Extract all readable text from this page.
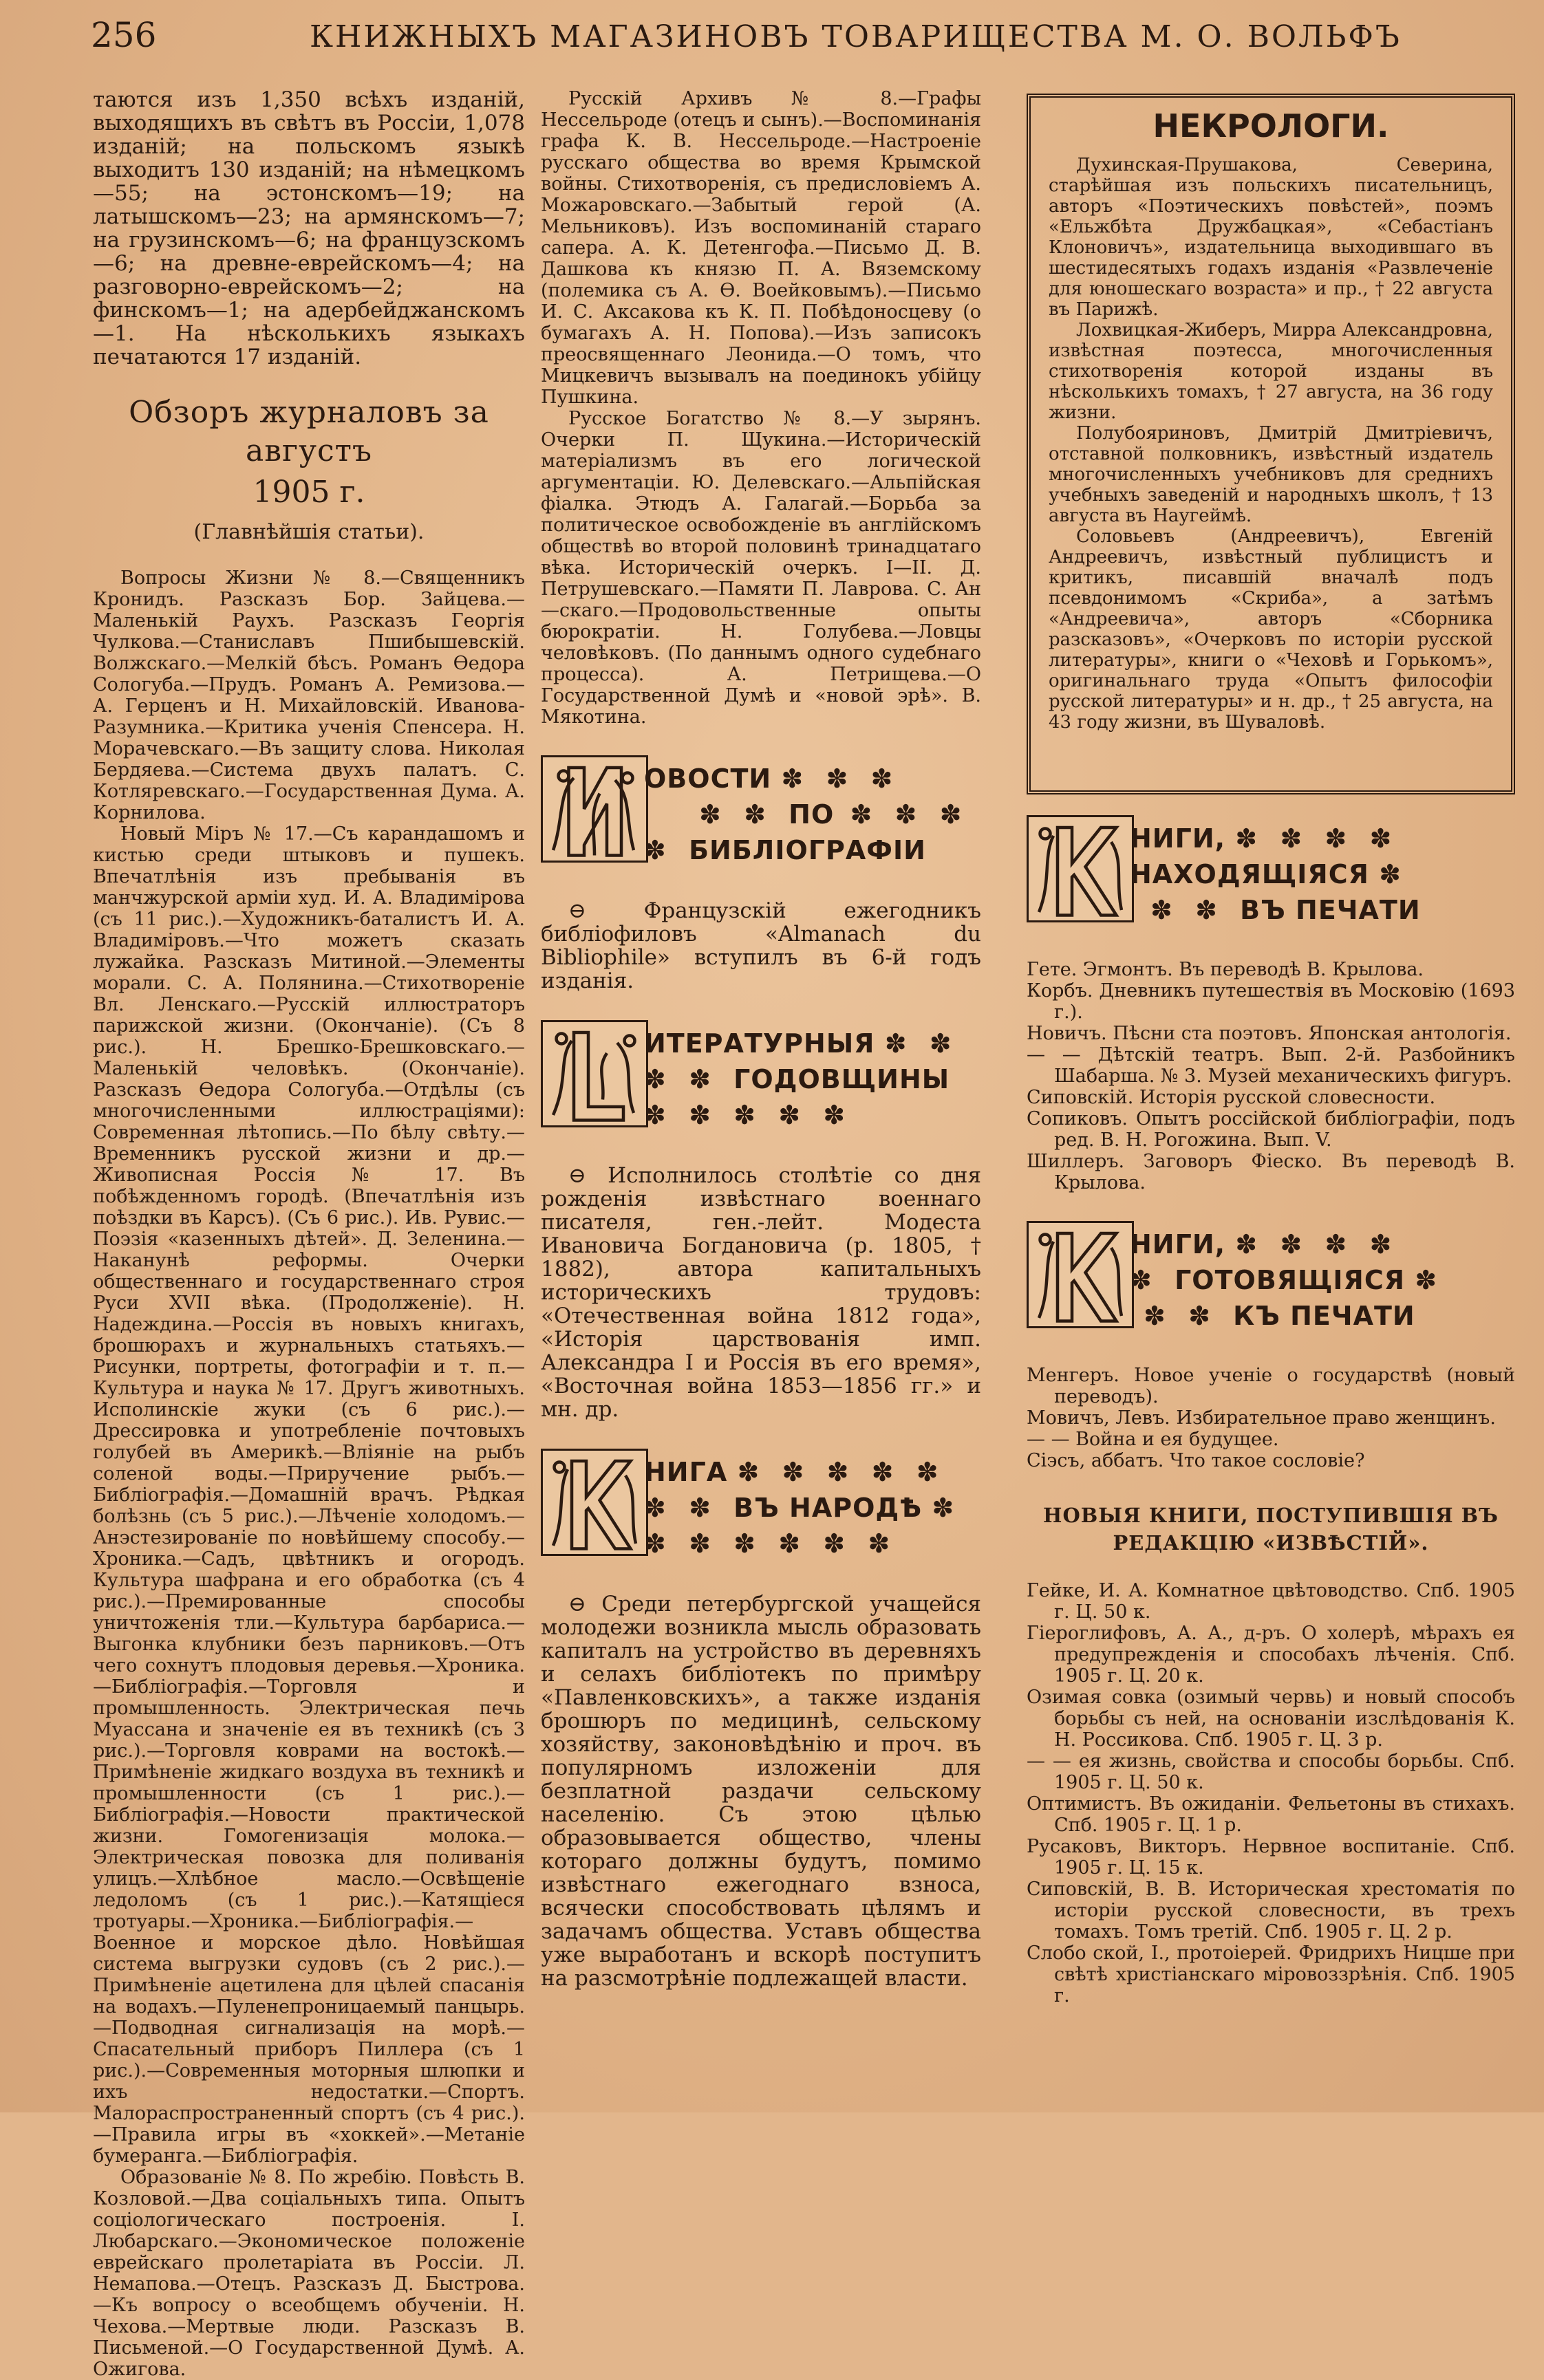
256	КНИЖНЫХЪ МАГАЗИНОВЪ ТОВАРИЩЕСТВА М. О. ВОЛЬФЪ

таются изъ 1,350 всѣхъ изданій, выходящихъ въ свѣтъ въ Россіи, 1,078 изданій; на польскомъ языкѣ выходитъ 130 изданій; на нѣмецкомъ—55; на эстонскомъ—19; на латышскомъ—23; на армянскомъ—7; на грузинскомъ—6; на французскомъ—6; на древне-еврейскомъ—4; на разговорно-еврейскомъ—2; на финскомъ—1; на адербейджанскомъ—1. На нѣсколькихъ языкахъ печатаются 17 изданій.

Обзоръ журналовъ за августъ
1905 г.
(Главнѣйшія статьи).

Вопросы Жизни № 8.—Священникъ Кронидъ. Разсказъ Бор. Зайцева.—Маленькій Раухъ. Разсказъ Георгія Чулкова.—Станиславъ Пшибышевскій. Волжскаго.—Мелкій бѣсъ. Романъ Ѳедора Сологуба.—Прудъ. Романъ А. Ремизова.—А. Герценъ и Н. Михайловскій. Иванова-Разумника.—Критика ученія Спенсера. Н. Морачевскаго.—Въ защиту слова. Николая Бердяева.—Система двухъ палатъ. С. Котляревскаго.—Государственная Дума. А. Корнилова.

Новый Міръ № 17.—Съ карандашомъ и кистью среди штыковъ и пушекъ. Впечатлѣнія изъ пребыванія въ манчжурской арміи худ. И. А. Владимірова (съ 11 рис.).—Художникъ-баталистъ И. А. Владиміровъ.—Что можетъ сказать лужайка. Разсказъ Митиной.—Элементы морали. С. А. Полянина.—Стихотвореніе Вл. Ленскаго.—Русскій иллюстраторъ парижской жизни. (Окончаніе). (Съ 8 рис.). Н. Брешко-Брешковскаго.—Маленькій человѣкъ. (Окончаніе). Разсказъ Ѳедора Сологуба.—Отдѣлы (съ многочисленными иллюстраціями): Современная лѣтопись.—По бѣлу свѣту.—Временникъ русской жизни и др.—Живописная Россія № 17. Въ побѣжденномъ городѣ. (Впечатлѣнія изъ поѣздки въ Карсъ). (Съ 6 рис.). Ив. Рувис.—Поэзія «казенныхъ дѣтей». Д. Зеленина.—Наканунѣ реформы. Очерки общественнаго и государственнаго строя Руси XVII вѣка. (Продолженіе). Н. Надеждина.—Россія въ новыхъ книгахъ, брошюрахъ и журнальныхъ статьяхъ.—Рисунки, портреты, фотографіи и т. п.—Культура и наука № 17. Другъ животныхъ. Исполинскіе жуки (съ 6 рис.).—Дрессировка и употребленіе почтовыхъ голубей въ Америкѣ.—Вліяніе на рыбъ соленой воды.—Приручение рыбъ.—Библіографія.—Домашній врачъ. Рѣдкая болѣзнь (съ 5 рис.).—Лѣченіе холодомъ.—Анэстезированіе по новѣйшему способу.—Хроника.—Садъ, цвѣтникъ и огородъ. Культура шафрана и его обработка (съ 4 рис.).—Премированные способы уничтоженія тли.—Культура барбариса.—Выгонка клубники безъ парниковъ.—Отъ чего сохнутъ плодовыя деревья.—Хроника.—Библіографія.—Торговля и промышленность. Электрическая печь Муассана и значеніе ея въ техникѣ (съ 3 рис.).—Торговля коврами на востокѣ.—Примѣненіе жидкаго воздуха въ техникѣ и промышленности (съ 1 рис.).—Библіографія.—Новости практической жизни. Гомогенизація молока.—Электрическая повозка для поливанія улицъ.—Хлѣбное масло.—Освѣщеніе ледоломъ (съ 1 рис.).—Катящіеся тротуары.—Хроника.—Библіографія.—Военное и морское дѣло. Новѣйшая система выгрузки судовъ (съ 2 рис.).—Примѣненіе ацетилена для цѣлей спасанія на водахъ.—Пуленепроницаемый панцырь.—Подводная сигнализація на морѣ.—Спасательный приборъ Пиллера (съ 1 рис.).—Современныя моторныя шлюпки и ихъ недостатки.—Спортъ. Малораспространенный спортъ (съ 4 рис.).—Правила игры въ «хоккей».—Метаніе бумеранга.—Библіографія.

Образованіе № 8. По жребію. Повѣсть В. Козловой.—Два соціальныхъ типа. Опытъ соціологическаго построенія. I. Любарскаго.—Экономическое положеніе еврейскаго пролетаріата въ Россіи. Л. Немапова.—Отецъ. Разсказъ Д. Быстрова.—Къ вопросу о всеобщемъ обученіи. Н. Чехова.—Мертвые люди. Разсказъ В. Письменой.—О Государственной Думѣ. А. Ожигова.

Русскій Архивъ № 8.—Графы Нессельроде (отецъ и сынъ).—Воспоминанія графа К. В. Нессельроде.—Настроеніе русскаго общества во время Крымской войны. Стихотворенія, съ предисловіемъ А. Можаровскаго.—Забытый герой (А. Мельниковъ). Изъ воспоминаній стараго сапера. А. К. Детенгофа.—Письмо Д. В. Дашкова къ князю П. А. Вяземскому (полемика съ А. Ѳ. Воейковымъ).—Письмо И. С. Аксакова къ К. П. Побѣдоносцеву (о бумагахъ А. Н. Попова).—Изъ записокъ преосвященнаго Леонида.—О томъ, что Мицкевичъ вызывалъ на поединокъ убійцу Пушкина.

Русское Богатство № 8.—У зырянъ. Очерки П. Щукина.—Историческій матеріализмъ въ его логической аргументаціи. Ю. Делевскаго.—Альпійская фіалка. Этюдъ А. Галагай.—Борьба за политическое освобожденіе въ англійскомъ обществѣ во второй половинѣ тринадцатаго вѣка. Историческій очеркъ. I—II. Д. Петрушевскаго.—Памяти П. Лаврова. С. Ан—скаго.—Продовольственные опыты бюрократіи. Н. Голубева.—Ловцы человѣковъ. (По даннымъ одного судебнаго процесса). А. Петрищева.—О Государственной Думѣ и «новой эрѣ». В. Мякотина.

ОВОСТИ ✽ ✽ ✽
✽ ✽ ПО ✽ ✽ ✽
✽ БИБЛІОГРАФІИ

⊖ Французскій ежегодникъ библіофиловъ «Almanach du Bibliophile» вступилъ въ 6-й годъ изданія.

ИТЕРАТУРНЫЯ ✽ ✽
✽ ✽ ГОДОВЩИНЫ
✽ ✽ ✽ ✽ ✽

⊖ Исполнилось столѣтіе со дня рожденія извѣстнаго военнаго писателя, ген.-лейт. Модеста Ивановича Богдановича (р. 1805, † 1882), автора капитальныхъ историческихъ трудовъ: «Отечественная война 1812 года», «Исторія царствованія имп. Александра I и Россія въ его время», «Восточная война 1853—1856 гг.» и мн. др.

НИГА ✽ ✽ ✽ ✽ ✽
✽ ✽ ВЪ НАРОДѢ ✽
✽ ✽ ✽ ✽ ✽ ✽

⊖ Среди петербургской учащейся молодежи возникла мысль образовать капиталъ на устройство въ деревняхъ и селахъ библіотекъ по примѣру «Павленковскихъ», а также изданія брошюръ по медицинѣ, сельскому хозяйству, законовѣдѣнію и проч. въ популярномъ изложеніи для безплатной раздачи сельскому населенію. Съ этою цѣлью образовывается общество, члены котораго должны будутъ, помимо извѣстнаго ежегоднаго взноса, всячески способствовать цѣлямъ и задачамъ общества. Уставъ общества уже выработанъ и вскорѣ поступитъ на разсмотрѣніе подлежащей власти.

НЕКРОЛОГИ.

Духинская-Прушакова, Северина, старѣйшая изъ польскихъ писательницъ, авторъ «Поэтическихъ повѣстей», поэмъ «Ельжбѣта Дружбацкая», «Себастіанъ Клоновичъ», издательница выходившаго въ шестидесятыхъ годахъ изданія «Развлеченіе для юношескаго возраста» и пр., † 22 августа въ Парижѣ.

Лохвицкая-Жиберъ, Мирра Александровна, извѣстная поэтесса, многочисленныя стихотворенія которой изданы въ нѣсколькихъ томахъ, † 27 августа, на 36 году жизни.

Полубояриновъ, Дмитрій Дмитріевичъ, отставной полковникъ, извѣстный издатель многочисленныхъ учебниковъ для среднихъ учебныхъ заведеній и народныхъ школъ, † 13 августа въ Наугеймѣ.

Соловьевъ (Андреевичъ), Евгеній Андреевичъ, извѣстный публицистъ и критикъ, писавшій вначалѣ подъ псевдонимомъ «Скриба», а затѣмъ «Андреевича», авторъ «Сборника разсказовъ», «Очерковъ по исторіи русской литературы», книги о «Чеховѣ и Горькомъ», оригинальнаго труда «Опытъ философіи русской литературы» и н. др., † 25 августа, на 43 году жизни, въ Шуваловѣ.

НИГИ, ✽ ✽ ✽ ✽
НАХОДЯЩІЯСЯ ✽
✽ ✽ ВЪ ПЕЧАТИ

Гете. Эгмонтъ. Въ переводѣ В. Крылова.

Корбъ. Дневникъ путешествія въ Московію (1693 г.).

Новичъ. Пѣсни ста поэтовъ. Японская антологія.

— — Дѣтскій театръ. Вып. 2-й. Разбойникъ Шабарша. № 3. Музей механическихъ фигуръ.

Сиповскій. Исторія русской словесности.

Сопиковъ. Опытъ россійской библіографіи, подъ ред. В. Н. Рогожина. Вып. V.

Шиллеръ. Заговоръ Фіеско. Въ переводѣ В. Крылова.

НИГИ, ✽ ✽ ✽ ✽
✽ ГОТОВЯЩІЯСЯ ✽
✽ ✽ КЪ ПЕЧАТИ

Менгеръ. Новое ученіе о государствѣ (новый переводъ).

Мовичъ, Левъ. Избирательное право женщинъ.

— — Война и ея будущее.

Сіэсъ, аббатъ. Что такое сословіе?

НОВЫЯ КНИГИ, ПОСТУПИВШІЯ ВЪ РЕДАКЦІЮ «ИЗВѢСТІЙ».

Гейке, И. А. Комнатное цвѣтоводство. Спб. 1905 г. Ц. 50 к.

Гіероглифовъ, А. А., д-ръ. О холерѣ, мѣрахъ ея предупрежденія и способахъ лѣченія. Спб. 1905 г. Ц. 20 к.

Озимая совка (озимый червь) и новый способъ борьбы съ ней, на основаніи изслѣдованія К. Н. Россикова. Спб. 1905 г. Ц. 3 р.

— — ея жизнь, свойства и способы борьбы. Спб. 1905 г. Ц. 50 к.

Оптимистъ. Въ ожиданіи. Фельетоны въ стихахъ. Спб. 1905 г. Ц. 1 р.

Русаковъ, Викторъ. Нервное воспитаніе. Спб. 1905 г. Ц. 15 к.

Сиповскій, В. В. Историческая хрестоматія по исторіи русской словесности, въ трехъ томахъ. Томъ третій. Спб. 1905 г. Ц. 2 р.

Слобо ской, І., протоіерей. Фридрихъ Ницше при свѣтѣ христіанскаго міровоззрѣнія. Спб. 1905 г.
